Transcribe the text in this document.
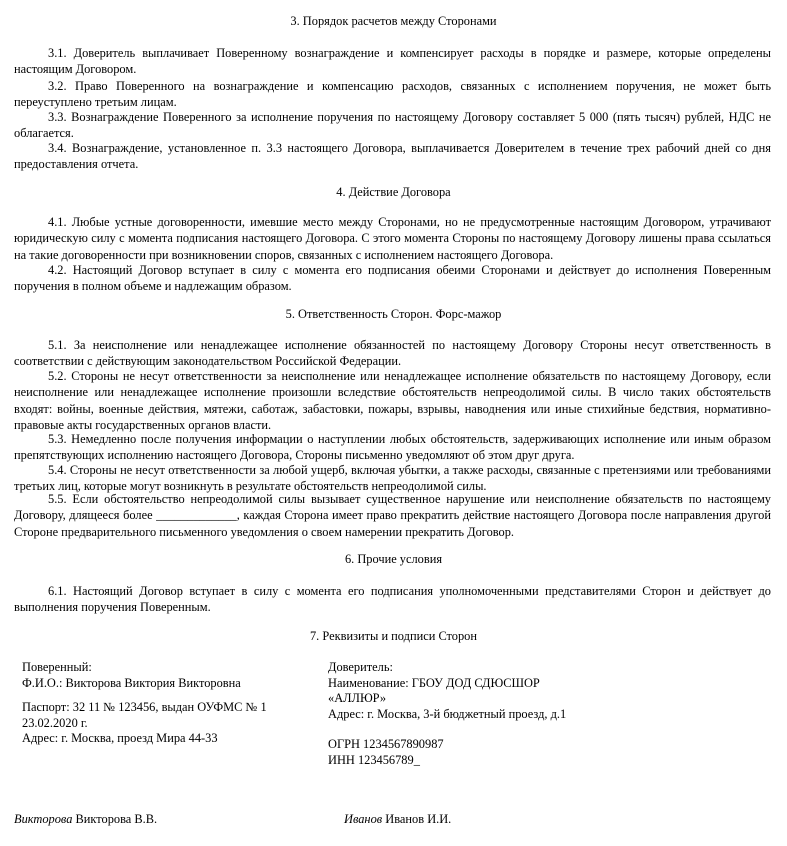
3. Порядок расчетов между Сторонами

3.1. Доверитель выплачивает Поверенному вознаграждение и компенсирует расходы в порядке и размере, которые определены настоящим Договором.

3.2. Право Поверенного на вознаграждение и компенсацию расходов, связанных с исполнением поручения, не может быть переуступлено третьим лицам.

3.3. Вознаграждение Поверенного за исполнение поручения по настоящему Договору составляет 5 000 (пять тысяч) рублей, НДС не облагается.

3.4. Вознаграждение, установленное п. 3.3 настоящего Договора, выплачивается Доверителем в течение трех рабочий дней со дня предоставления отчета.

4. Действие Договора

4.1. Любые устные договоренности, имевшие место между Сторонами, но не предусмотренные настоящим Договором, утрачивают юридическую силу с момента подписания настоящего Договора. С этого момента Стороны по настоящему Договору лишены права ссылаться на такие договоренности при возникновении споров, связанных с исполнением настоящего Договора.

4.2. Настоящий Договор вступает в силу с момента его подписания обеими Сторонами и действует до исполнения Поверенным поручения в полном объеме и надлежащим образом.

5. Ответственность Сторон. Форс-мажор

5.1. За неисполнение или ненадлежащее исполнение обязанностей по настоящему Договору Стороны несут ответственность в соответствии с действующим законодательством Российской Федерации.

5.2. Стороны не несут ответственности за неисполнение или ненадлежащее исполнение обязательств по настоящему Договору, если неисполнение или ненадлежащее исполнение произошли вследствие обстоятельств непреодолимой силы. В число таких обстоятельств входят: войны, военные действия, мятежи, саботаж, забастовки, пожары, взрывы, наводнения или иные стихийные бедствия, нормативно-правовые акты государственных органов власти.

5.3. Немедленно после получения информации о наступлении любых обстоятельств, задерживающих исполнение или иным образом препятствующих исполнению настоящего Договора, Стороны письменно уведомляют об этом друг друга.

5.4. Стороны не несут ответственности за любой ущерб, включая убытки, а также расходы, связанные с претензиями или требованиями третьих лиц, которые могут возникнуть в результате обстоятельств непреодолимой силы.

5.5. Если обстоятельство непреодолимой силы вызывает существенное нарушение или неисполнение обязательств по настоящему Договору, длящееся более _____________, каждая Сторона имеет право прекратить действие настоящего Договора после направления другой Стороне предварительного письменного уведомления о своем намерении прекратить Договор.

6. Прочие условия

6.1. Настоящий Договор вступает в силу с момента его подписания уполномоченными представителями Сторон и действует до выполнения поручения Поверенным.

7. Реквизиты и подписи Сторон
Поверенный:
Ф.И.О.: Викторова Виктория Викторовна
Паспорт: 32 11 № 123456, выдан ОУФМС № 1
23.02.2020 г.
Адрес: г. Москва, проезд Мира 44-33
Доверитель:
Наименование: ГБОУ ДОД СДЮСШОР
«АЛЛЮР»
Адрес: г. Москва, 3-й бюджетный проезд, д.1
ОГРН 1234567890987
ИНН 123456789_
Викторова Викторова В.В.	Иванов Иванов И.И.
